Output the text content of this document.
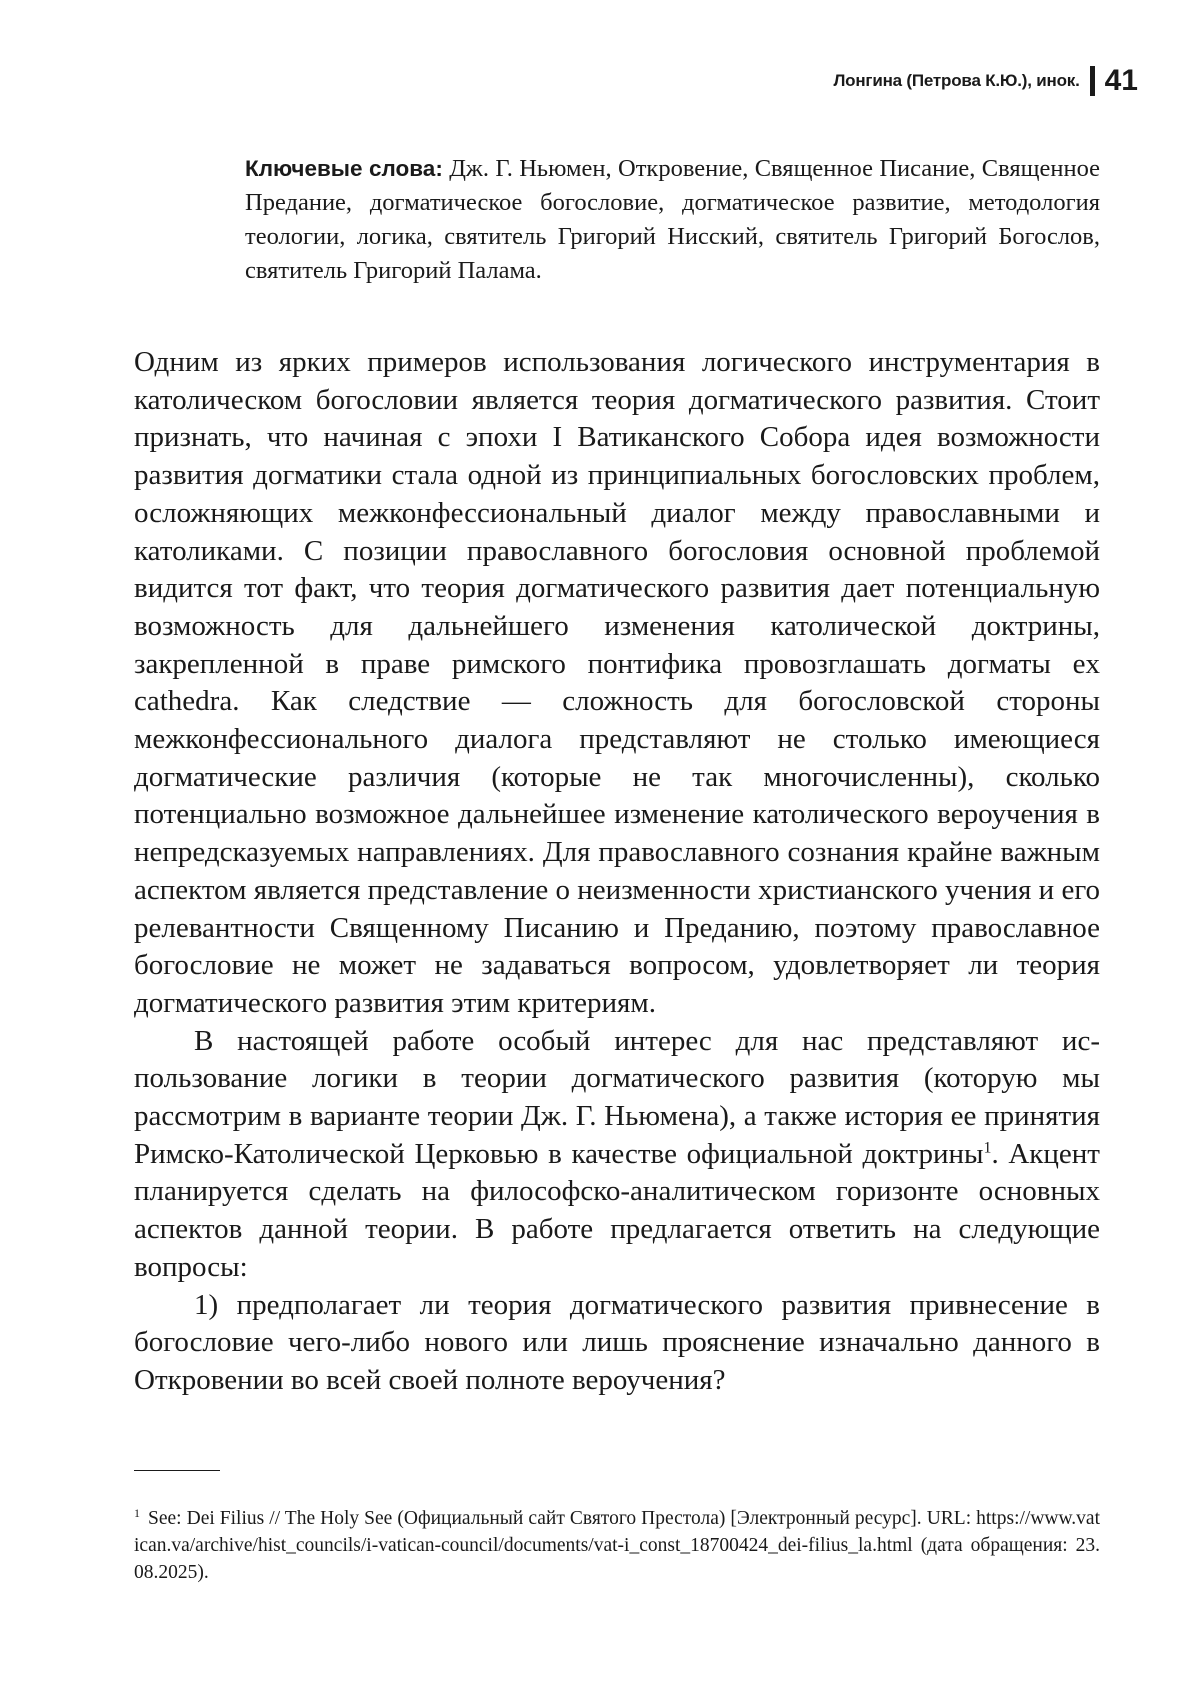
Лонгина (Петрова К.Ю.), инок. 41
Ключевые слова: Дж. Г. Ньюмен, Откровение, Священное Писание, Священное Предание, догматическое богословие, догматическое развитие, методология теологии, логика, святитель Григорий Нисский, святитель Григорий Богослов, святитель Григорий Палама.

Одним из ярких примеров использования логического инструментария в католическом богословии является теория догматического развития. Стоит признать, что начиная с эпохи I Ватиканского Собора идея возможности развития догматики стала одной из принципиальных богословских проблем, осложняющих межконфессиональный диалог между православными и католиками. С позиции православного богословия основной проблемой видится тот факт, что теория догматического развития дает потенциальную возможность для дальнейшего изменения католической доктрины, закрепленной в праве римского понтифика провозглашать догматы ex cathedra. Как следствие — сложность для богословской стороны межконфессионального диалога представляют не столько имеющиеся догматические различия (которые не так многочисленны), сколько потенциально возможное дальнейшее изменение католического вероучения в непредсказуемых направлениях. Для православного сознания крайне важным аспектом является представление о неизменности христианского учения и его релевантности Священному Писанию и Преданию, поэтому православное богословие не может не задаваться вопросом, удовлетворяет ли теория догматического развития этим критериям.

В настоящей работе особый интерес для нас представляют использование логики в теории догматического развития (которую мы рассмотрим в варианте теории Дж. Г. Ньюмена), а также история ее принятия Римско-Католической Церковью в качестве официальной доктрины$^1$. Акцент планируется сделать на философско-аналитическом горизонте основных аспектов данной теории. В работе предлагается ответить на следующие вопросы:

1) предполагает ли теория догматического развития привнесение в богословие чего-либо нового или лишь прояснение изначально данного в Откровении во всей своей полноте вероучения?

$^1$ See: Dei Filius // The Holy See (Официальный сайт Святого Престола) [Электронный ресурс]. URL: https://www.vatican.va/archive/hist_councils/i-vatican-council/documents/vat-i_const_18700424_dei-filius_la.html (дата обращения: 23.08.2025).
